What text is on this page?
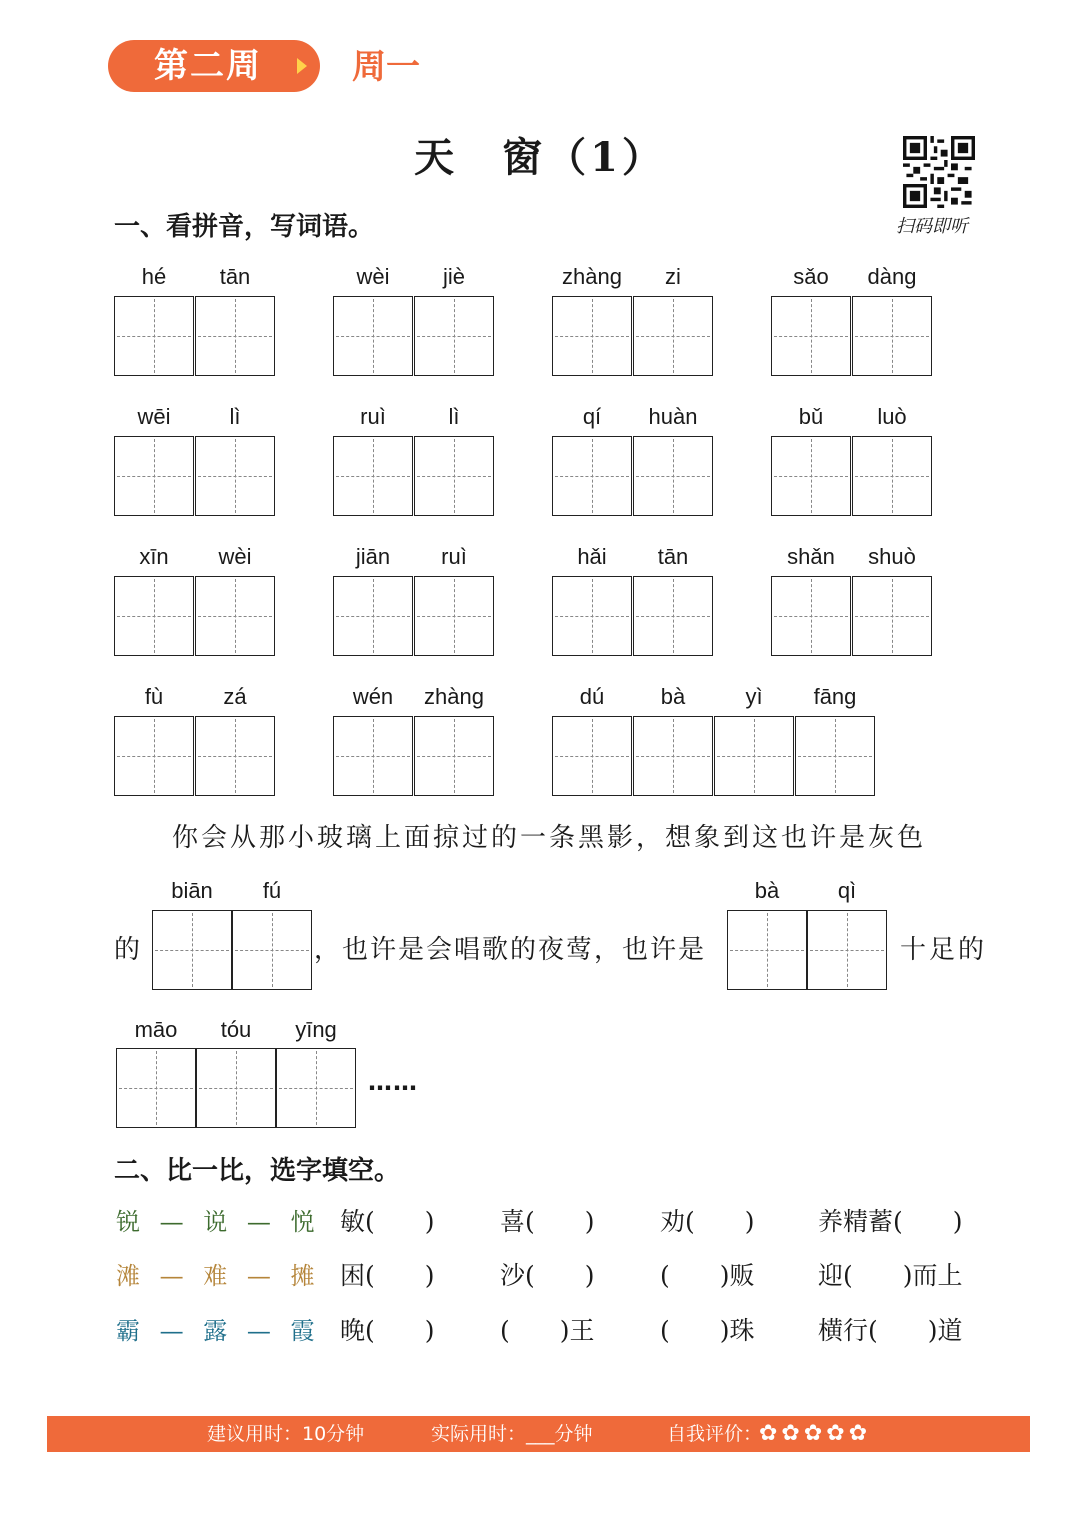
第二周	周一
天　窗（1）
扫码即听
一、看拼音，写词语。
hé	tān	wèi	jiè	zhàng	zi	sǎo	dàng
wēi	lì	ruì	lì	qí	huàn	bǔ	luò
xīn	wèi	jiān	ruì	hǎi	tān	shǎn	shuò
fù	zá	wén	zhàng	dú	bà	yì	fāng
你会从那小玻璃上面掠过的一条黑影，想象到这也许是灰色
的
biān	fú
，也许是会唱歌的夜莺，也许是
bà	qì
十足的
māo	tóu	yīng
……
二、比一比，选字填空。
锐 — 说 — 悦 敏(　　)	喜(　　)	劝(　　)	养精蓄(　　)
滩 — 难 — 摊 困(　　)	沙(　　)	(　　)贩	迎(　　)而上
霸 — 露 — 霞 晚(　　)	(　　)王	(　　)珠	横行(　　)道
建议用时：10分钟	实际用时：___分钟	自我评价：
✿✿✿✿✿
